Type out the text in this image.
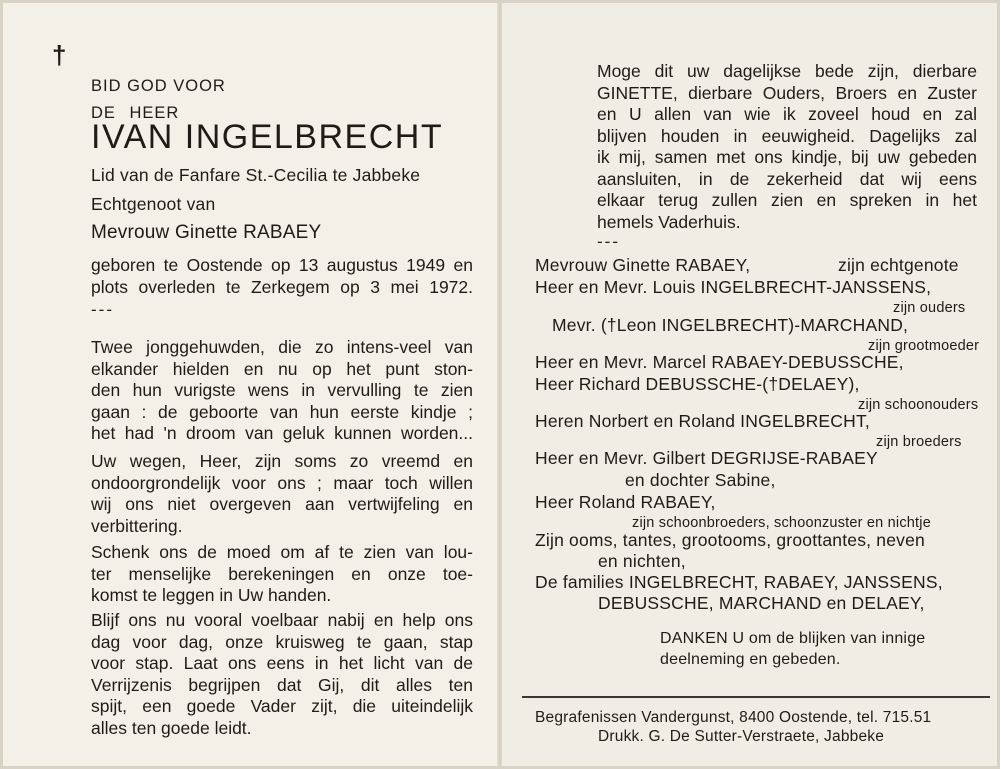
†
BID GOD VOOR
DE HEER
IVAN INGELBRECHT
Lid van de Fanfare St.-Cecilia te Jabbeke
Echtgenoot van
Mevrouw Ginette RABAEY
geboren te Oostende op 13 augustus 1949 en
plots overleden te Zerkegem op 3 mei 1972.
---
Twee jonggehuwden, die zo intens-veel van
elkander hielden en nu op het punt ston-
den hun vurigste wens in vervulling te zien
gaan : de geboorte van hun eerste kindje ;
het had 'n droom van geluk kunnen worden...
Uw wegen, Heer, zijn soms zo vreemd en
ondoorgrondelijk voor ons ; maar toch willen
wij ons niet overgeven aan vertwijfeling en
verbittering.
Schenk ons de moed om af te zien van lou-
ter menselijke berekeningen en onze toe-
komst te leggen in Uw handen.
Blijf ons nu vooral voelbaar nabij en help ons
dag voor dag, onze kruisweg te gaan, stap
voor stap. Laat ons eens in het licht van de
Verrijzenis begrijpen dat Gij, dit alles ten
spijt, een goede Vader zijt, die uiteindelijk
alles ten goede leidt.
Moge dit uw dagelijkse bede zijn, dierbare
GINETTE, dierbare Ouders, Broers en Zuster
en U allen van wie ik zoveel houd en zal
blijven houden in eeuwigheid. Dagelijks zal
ik mij, samen met ons kindje, bij uw gebeden
aansluiten, in de zekerheid dat wij eens
elkaar terug zullen zien en spreken in het
hemels Vaderhuis.
---
Mevrouw Ginette RABAEY,	zijn echtgenote
Heer en Mevr. Louis INGELBRECHT-JANSSENS,
zijn ouders
Mevr. (†Leon INGELBRECHT)-MARCHAND,
zijn grootmoeder
Heer en Mevr. Marcel RABAEY-DEBUSSCHE,
Heer Richard DEBUSSCHE-(†DELAEY),
zijn schoonouders
Heren Norbert en Roland INGELBRECHT,
zijn broeders
Heer en Mevr. Gilbert DEGRIJSE-RABAEY
en dochter Sabine,
Heer Roland RABAEY,
zijn schoonbroeders, schoonzuster en nichtje
Zijn ooms, tantes, grootooms, groottantes, neven
en nichten,
De families INGELBRECHT, RABAEY, JANSSENS,
DEBUSSCHE, MARCHAND en DELAEY,
DANKEN U om de blijken van innige
deelneming en gebeden.
Begrafenissen Vandergunst, 8400 Oostende, tel. 715.51
Drukk. G. De Sutter-Verstraete, Jabbeke
